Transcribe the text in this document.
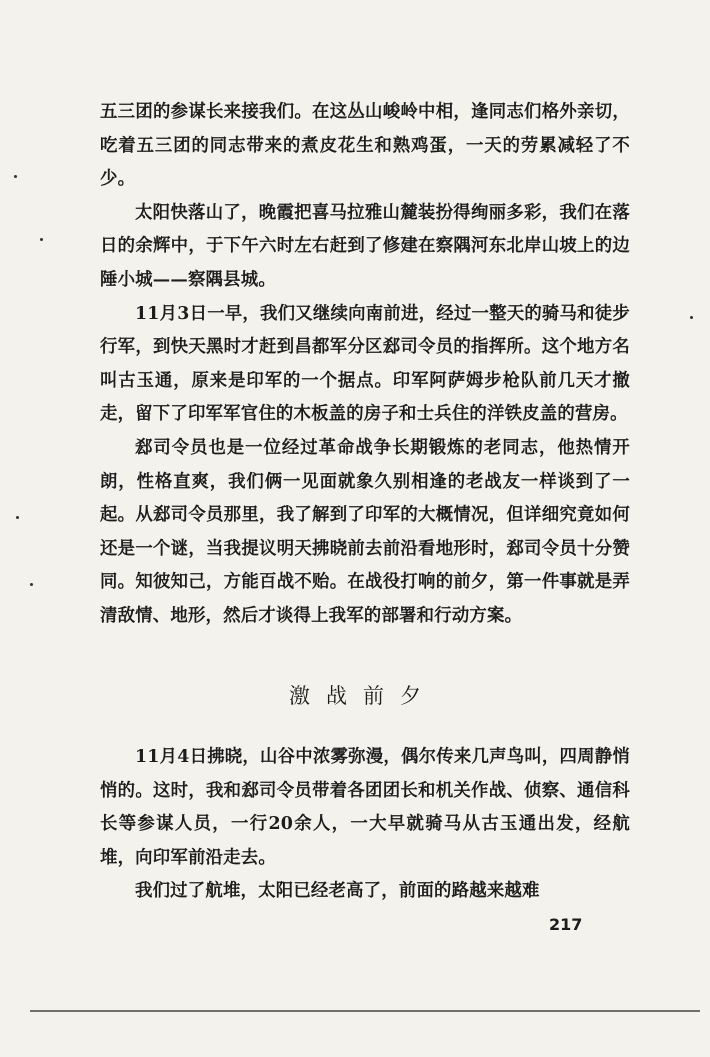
五三团的参谋长来接我们。在这丛山峻岭中相，逢同志们格外亲切，吃着五三团的同志带来的煮皮花生和熟鸡蛋，一天的劳累减轻了不少。

太阳快落山了，晚霞把喜马拉雅山麓装扮得绚丽多彩，我们在落日的余辉中，于下午六时左右赶到了修建在察隅河东北岸山坡上的边陲小城——察隅县城。

11月3日一早，我们又继续向南前进，经过一整天的骑马和徒步行军，到快天黑时才赶到昌都军分区郄司令员的指挥所。这个地方名叫古玉通，原来是印军的一个据点。印军阿萨姆步枪队前几天才撤走，留下了印军军官住的木板盖的房子和士兵住的洋铁皮盖的营房。

郄司令员也是一位经过革命战争长期锻炼的老同志，他热情开朗，性格直爽，我们俩一见面就象久别相逢的老战友一样谈到了一起。从郄司令员那里，我了解到了印军的大概情况，但详细究竟如何还是一个谜，当我提议明天拂晓前去前沿看地形时，郄司令员十分赞同。知彼知己，方能百战不贻。在战役打响的前夕，第一件事就是弄清敌情、地形，然后才谈得上我军的部署和行动方案。

激战前夕

11月4日拂晓，山谷中浓雾弥漫，偶尔传来几声鸟叫，四周静悄悄的。这时，我和郄司令员带着各团团长和机关作战、侦察、通信科长等参谋人员，一行20余人，一大早就骑马从古玉通出发，经航堆，向印军前沿走去。

我们过了航堆，太阳已经老高了，前面的路越来越难

217
